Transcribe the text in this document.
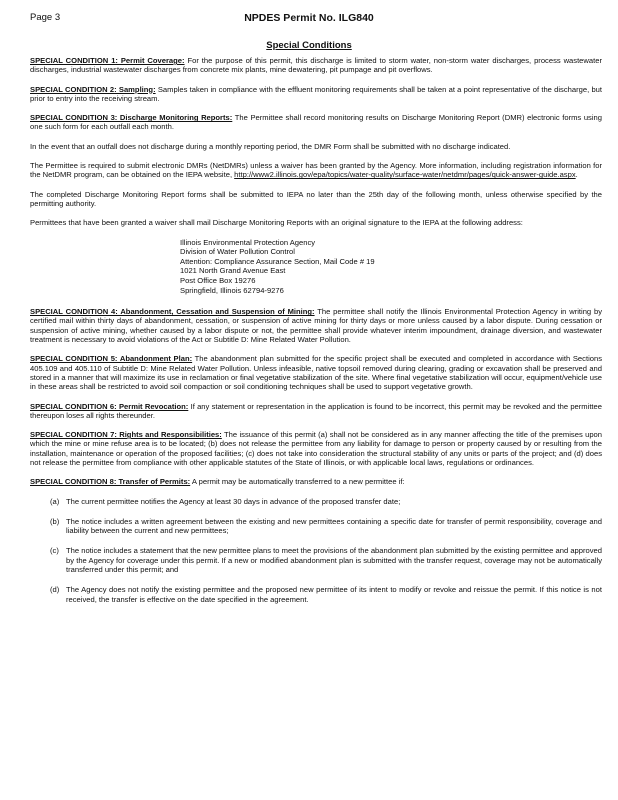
Page 3	NPDES Permit No. ILG840
Special Conditions

SPECIAL CONDITION 1: Permit Coverage: For the purpose of this permit, this discharge is limited to storm water, non-storm water discharges, process wastewater discharges, industrial wastewater discharges from concrete mix plants, mine dewatering, pit pumpage and pit overflows.

SPECIAL CONDITION 2: Sampling: Samples taken in compliance with the effluent monitoring requirements shall be taken at a point representative of the discharge, but prior to entry into the receiving stream.

SPECIAL CONDITION 3: Discharge Monitoring Reports: The Permittee shall record monitoring results on Discharge Monitoring Report (DMR) electronic forms using one such form for each outfall each month.

In the event that an outfall does not discharge during a monthly reporting period, the DMR Form shall be submitted with no discharge indicated.

The Permittee is required to submit electronic DMRs (NetDMRs) unless a waiver has been granted by the Agency. More information, including registration information for the NetDMR program, can be obtained on the IEPA website, http://www2.illinois.gov/epa/topics/water-quality/surface-water/netdmr/pages/quick-answer-guide.aspx.

The completed Discharge Monitoring Report forms shall be submitted to IEPA no later than the 25th day of the following month, unless otherwise specified by the permitting authority.

Permittees that have been granted a waiver shall mail Discharge Monitoring Reports with an original signature to the IEPA at the following address:

Illinois Environmental Protection Agency
Division of Water Pollution Control
Attention: Compliance Assurance Section, Mail Code # 19
1021 North Grand Avenue East
Post Office Box 19276
Springfield, Illinois 62794-9276

SPECIAL CONDITION 4: Abandonment, Cessation and Suspension of Mining: The permittee shall notify the Illinois Environmental Protection Agency in writing by certified mail within thirty days of abandonment, cessation, or suspension of active mining for thirty days or more unless caused by a labor dispute. During cessation or suspension of active mining, whether caused by a labor dispute or not, the permittee shall provide whatever interim impoundment, drainage diversion, and wastewater treatment is necessary to avoid violations of the Act or Subtitle D: Mine Related Water Pollution.

SPECIAL CONDITION 5: Abandonment Plan: The abandonment plan submitted for the specific project shall be executed and completed in accordance with Sections 405.109 and 405.110 of Subtitle D: Mine Related Water Pollution. Unless infeasible, native topsoil removed during clearing, grading or excavation shall be preserved and stored in a manner that will maximize its use in reclamation or final vegetative stabilization of the site. Where final vegetative stabilization will occur, equipment/vehicle use in these areas shall be restricted to avoid soil compaction or soil conditioning techniques shall be used to support vegetative growth.

SPECIAL CONDITION 6: Permit Revocation: If any statement or representation in the application is found to be incorrect, this permit may be revoked and the permittee thereupon loses all rights thereunder.

SPECIAL CONDITION 7: Rights and Responsibilities: The issuance of this permit (a) shall not be considered as in any manner affecting the title of the premises upon which the mine or mine refuse area is to be located; (b) does not release the permittee from any liability for damage to person or property caused by or resulting from the installation, maintenance or operation of the proposed facilities; (c) does not take into consideration the structural stability of any units or parts of the project; and (d) does not release the permittee from compliance with other applicable statutes of the State of Illinois, or with applicable local laws, regulations or ordinances.

SPECIAL CONDITION 8: Transfer of Permits: A permit may be automatically transferred to a new permittee if:

(a) The current permittee notifies the Agency at least 30 days in advance of the proposed transfer date;
(b) The notice includes a written agreement between the existing and new permittees containing a specific date for transfer of permit responsibility, coverage and liability between the current and new permittees;
(c) The notice includes a statement that the new permittee plans to meet the provisions of the abandonment plan submitted by the existing permittee and approved by the Agency for coverage under this permit. If a new or modified abandonment plan is submitted with the transfer request, coverage may not be automatically transferred under this permit; and
(d) The Agency does not notify the existing permittee and the proposed new permittee of its intent to modify or revoke and reissue the permit. If this notice is not received, the transfer is effective on the date specified in the agreement.
